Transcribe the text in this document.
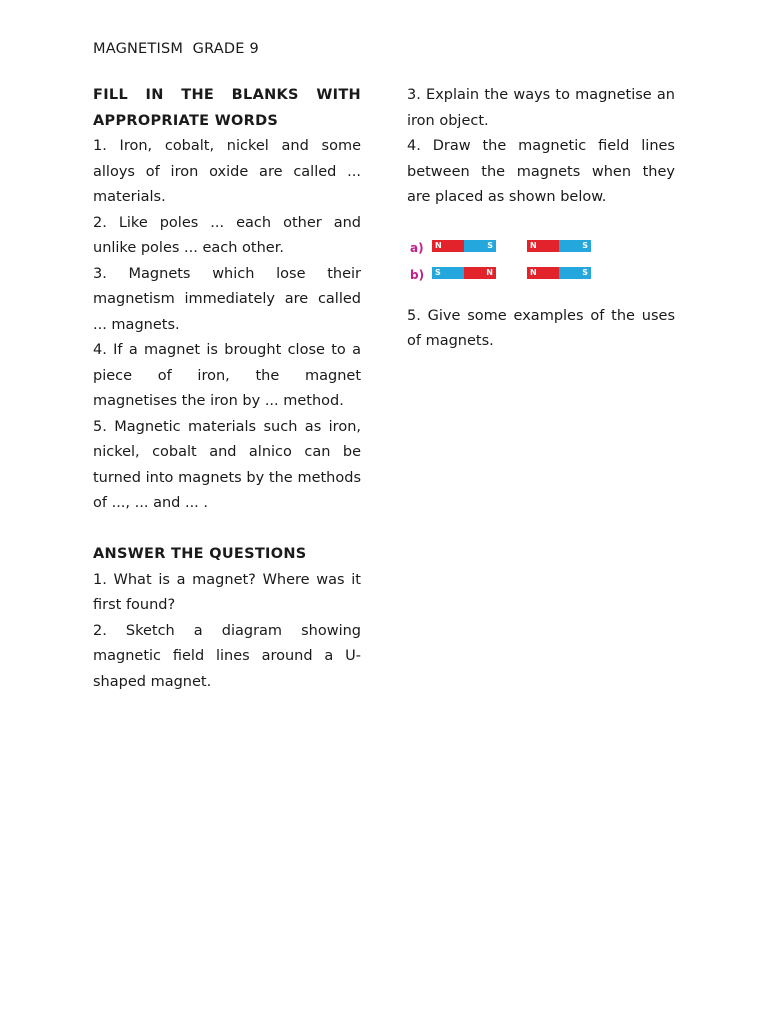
MAGNETISM  GRADE 9

FILL IN THE BLANKS WITH APPROPRIATE WORDS

1. Iron, cobalt, nickel and some alloys of iron oxide are called ... materials.

2. Like poles ... each other and unlike poles ... each other.

3. Magnets which lose their magnetism immediately are called ... magnets.

4. If a magnet is brought close to a piece of iron, the magnet magnetises the iron by ... method.

5. Magnetic materials such as iron, nickel, cobalt and alnico can be turned into magnets by the methods of ..., ... and ... .

ANSWER THE QUESTIONS

1. What is a magnet? Where was it first found?

2. Sketch a diagram showing magnetic field lines around a U-shaped magnet.

3. Explain the ways to magnetise an iron object.

4. Draw the magnetic field lines between the magnets when they are placed as shown below.

a)	N	S	N	S
b)	S	N	N	S

5. Give some examples of the uses of magnets.
